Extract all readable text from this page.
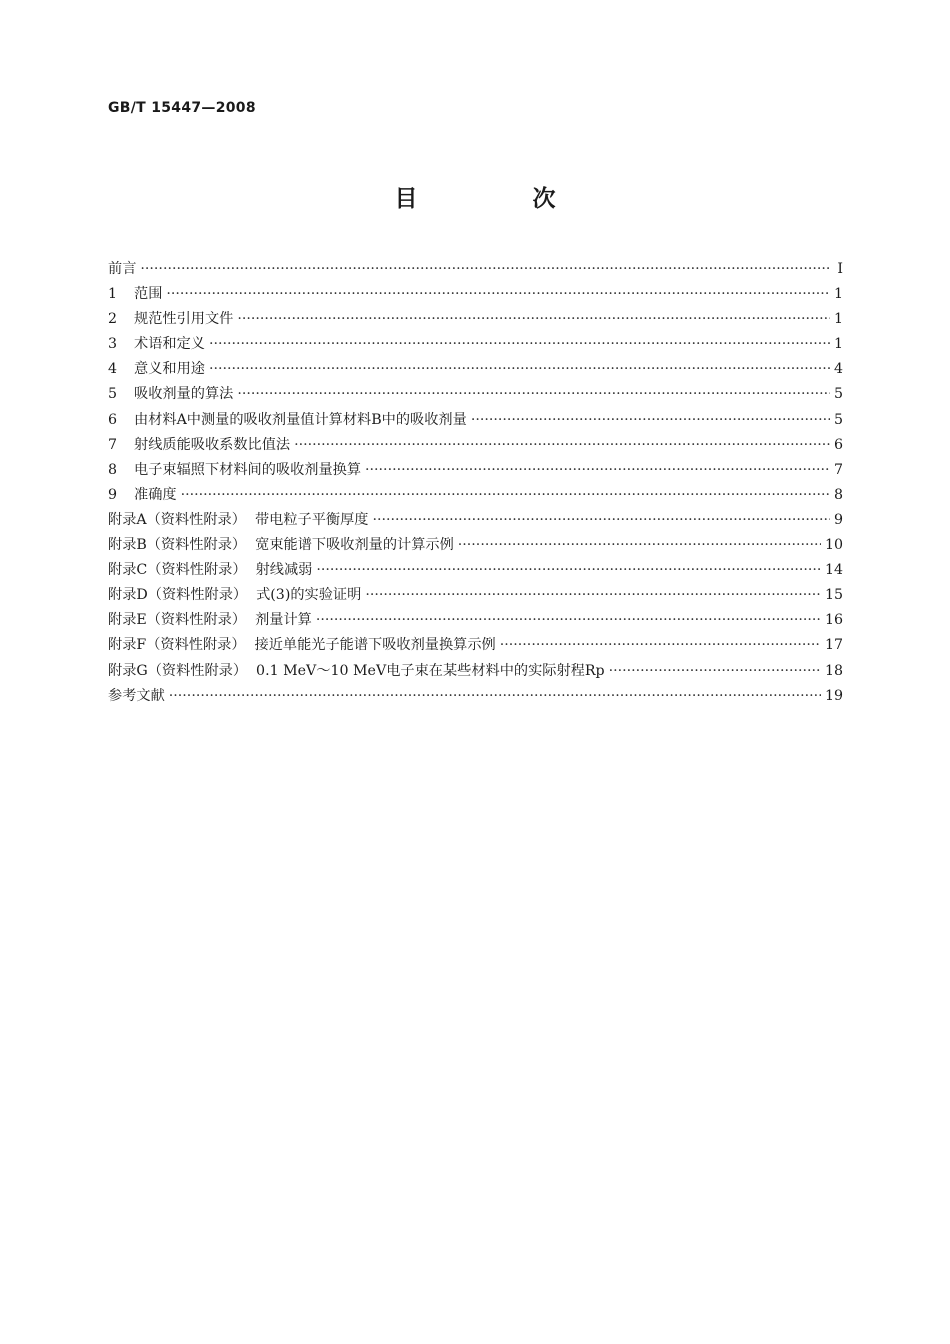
GB/T 15447—2008
目　次
前言 ·····	Ⅰ
1	范围 ·····	1
2	规范性引用文件 ·····	1
3	术语和定义 ·····	1
4	意义和用途 ·····	4
5	吸收剂量的算法 ·····	5
6	由材料A中测量的吸收剂量值计算材料B中的吸收剂量 ·····	5
7	射线质能吸收系数比值法 ·····	6
8	电子束辐照下材料间的吸收剂量换算 ·····	7
9	准确度 ·····	8
附录A（资料性附录）  带电粒子平衡厚度 ·····	9
附录B（资料性附录）  宽束能谱下吸收剂量的计算示例 ·····	10
附录C（资料性附录）  射线减弱 ·····	14
附录D（资料性附录）  式(3)的实验证明 ·····	15
附录E（资料性附录）  剂量计算 ·····	16
附录F（资料性附录）  接近单能光子能谱下吸收剂量换算示例 ·····	17
附录G（资料性附录）  0.1 MeV～10 MeV电子束在某些材料中的实际射程Rp ·····	18
参考文献 ·····	19
